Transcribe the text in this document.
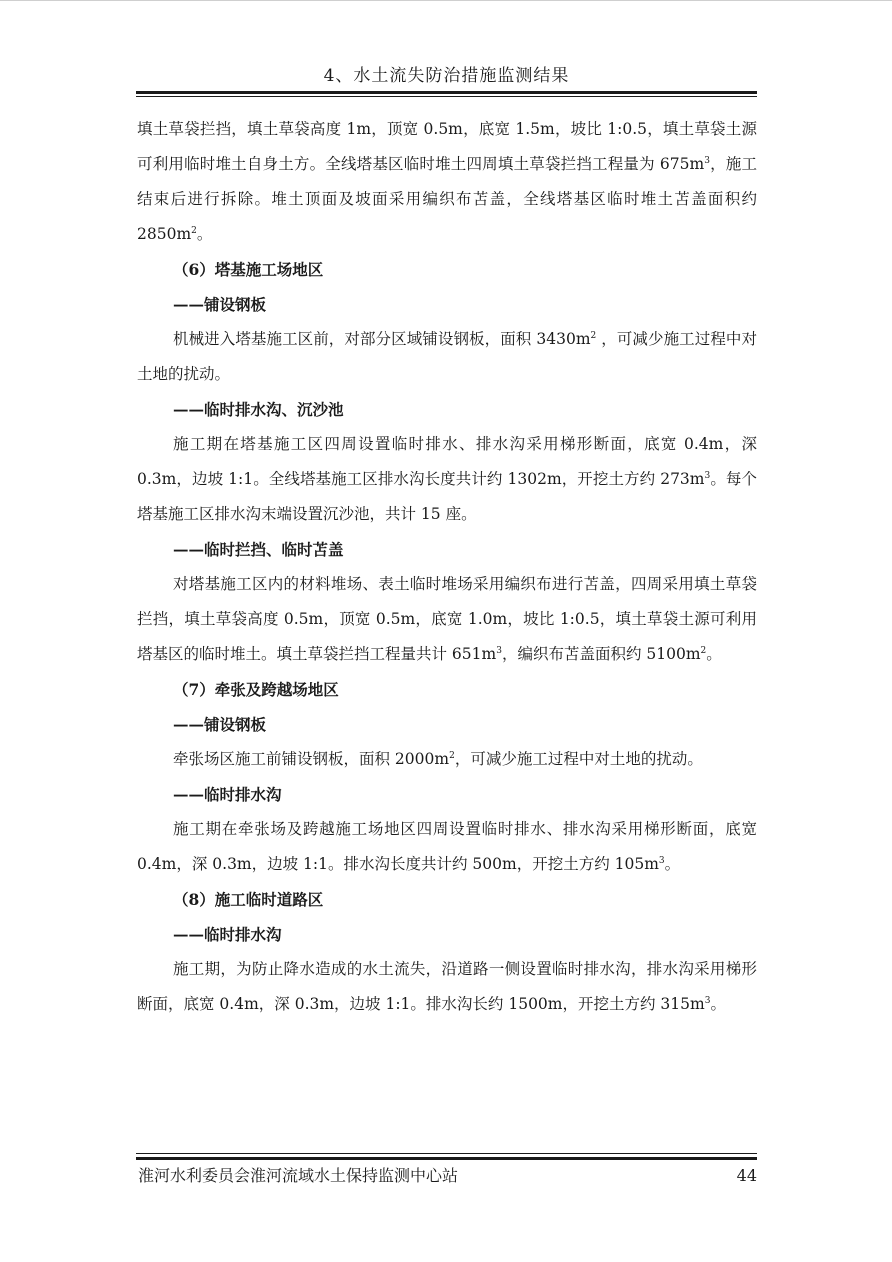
4、水土流失防治措施监测结果

填土草袋拦挡，填土草袋高度 1m，顶宽 0.5m，底宽 1.5m，坡比 1:0.5，填土草袋土源可利用临时堆土自身土方。全线塔基区临时堆土四周填土草袋拦挡工程量为 $675m^3$，施工结束后进行拆除。堆土顶面及坡面采用编织布苫盖，全线塔基区临时堆土苫盖面积约 $2850m^2$。

（6）塔基施工场地区

——铺设钢板

机械进入塔基施工区前，对部分区域铺设钢板，面积 $3430m^2$ ，可减少施工过程中对土地的扰动。

——临时排水沟、沉沙池

施工期在塔基施工区四周设置临时排水、排水沟采用梯形断面，底宽 0.4m，深 0.3m，边坡 1:1。全线塔基施工区排水沟长度共计约 1302m，开挖土方约 $273m^3$。每个塔基施工区排水沟末端设置沉沙池，共计 15 座。

——临时拦挡、临时苫盖

对塔基施工区内的材料堆场、表土临时堆场采用编织布进行苫盖，四周采用填土草袋拦挡，填土草袋高度 0.5m，顶宽 0.5m，底宽 1.0m，坡比 1:0.5，填土草袋土源可利用塔基区的临时堆土。填土草袋拦挡工程量共计 $651m^3$，编织布苫盖面积约 $5100m^2$。

（7）牵张及跨越场地区

——铺设钢板

牵张场区施工前铺设钢板，面积 $2000m^2$，可减少施工过程中对土地的扰动。

——临时排水沟

施工期在牵张场及跨越施工场地区四周设置临时排水、排水沟采用梯形断面，底宽 0.4m，深 0.3m，边坡 1:1。排水沟长度共计约 500m，开挖土方约 $105m^3$。

（8）施工临时道路区

——临时排水沟

施工期，为防止降水造成的水土流失，沿道路一侧设置临时排水沟，排水沟采用梯形断面，底宽 0.4m，深 0.3m，边坡 1:1。排水沟长约 1500m，开挖土方约 $315m^3$。

淮河水利委员会淮河流域水土保持监测中心站	44
